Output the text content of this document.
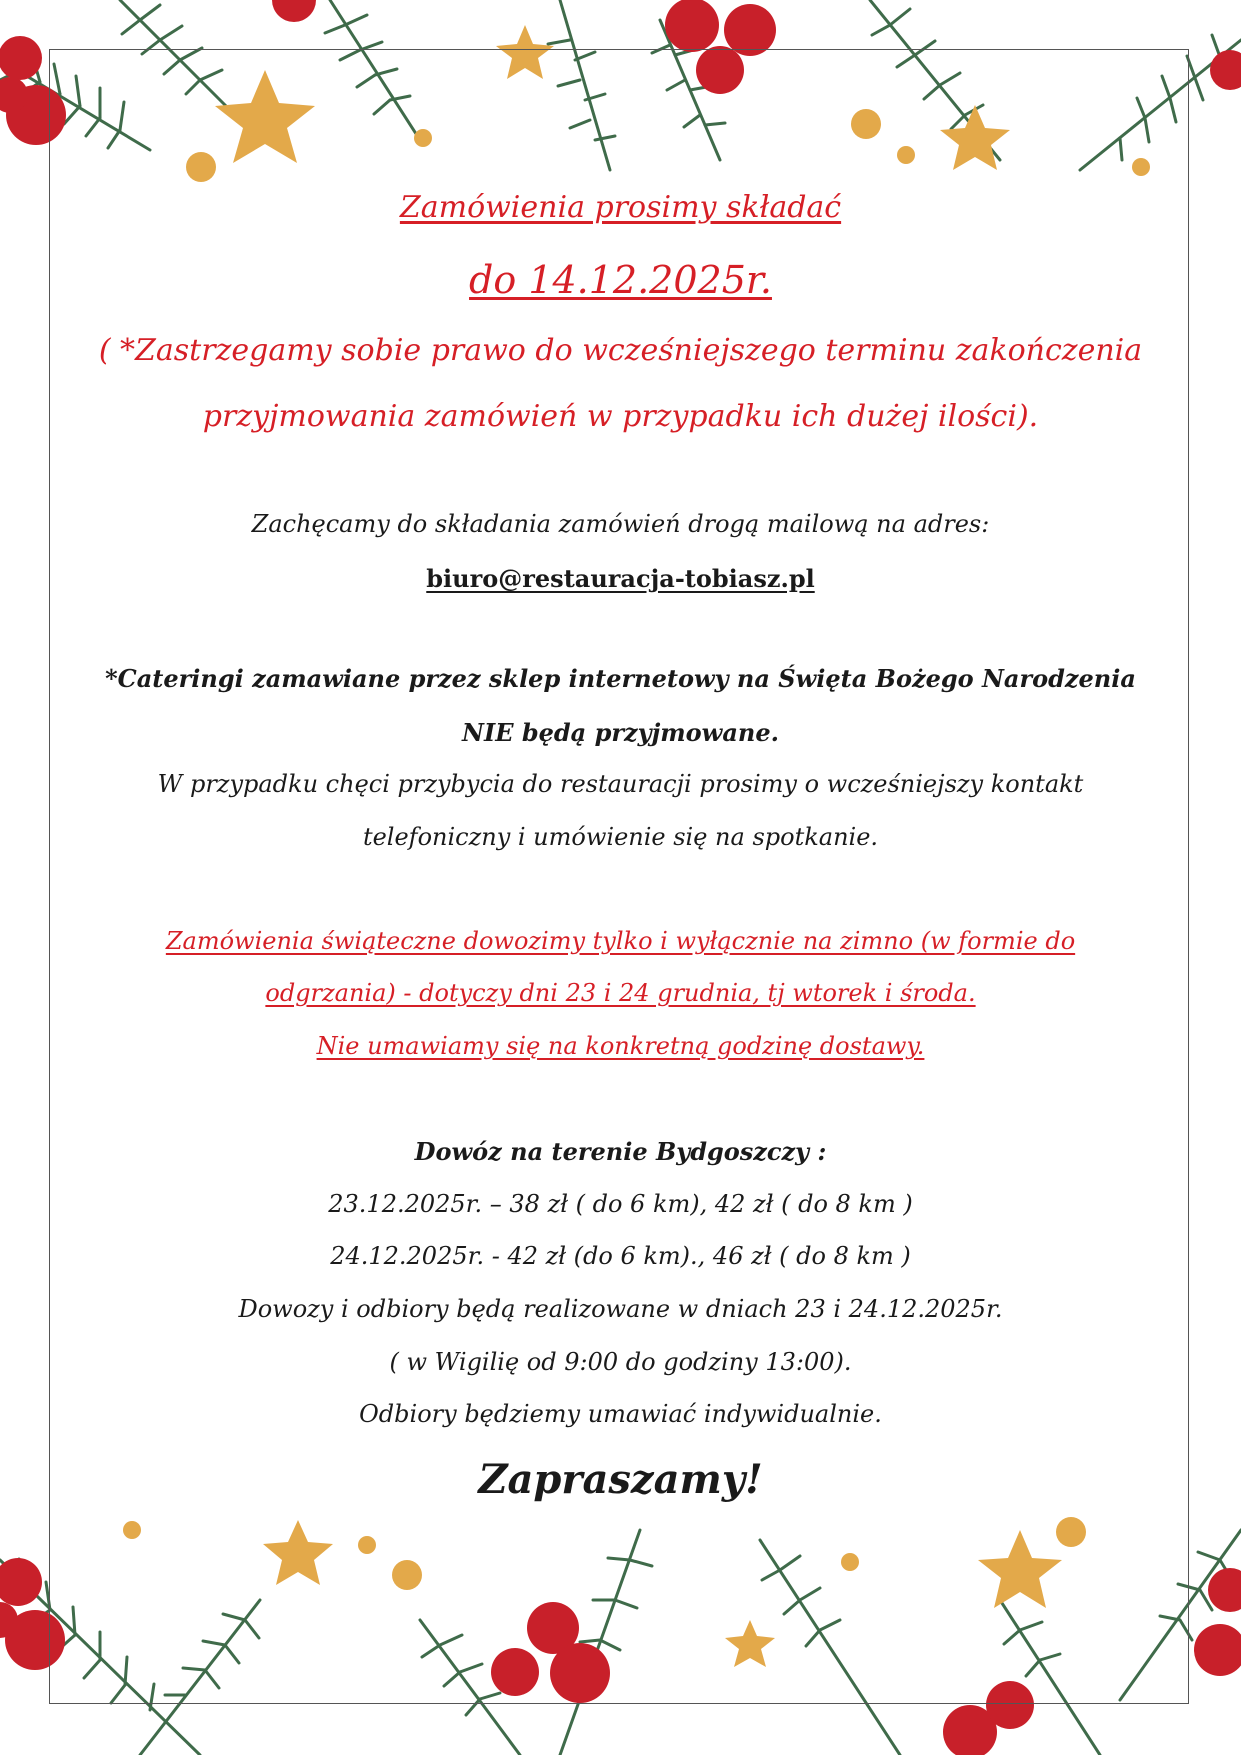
Zamówienia prosimy składać
do 14.12.2025r.
( *Zastrzegamy sobie prawo do wcześniejszego terminu zakończenia
przyjmowania zamówień w przypadku ich dużej ilości).
Zachęcamy do składania zamówień drogą mailową na adres:
biuro@restauracja-tobiasz.pl
*Cateringi zamawiane przez sklep internetowy na Święta Bożego Narodzenia
NIE będą przyjmowane.
W przypadku chęci przybycia do restauracji prosimy o wcześniejszy kontakt
telefoniczny i umówienie się na spotkanie.
Zamówienia świąteczne dowozimy tylko i wyłącznie na zimno (w formie do
odgrzania) - dotyczy dni 23 i 24 grudnia, tj wtorek i środa.
Nie umawiamy się na konkretną godzinę dostawy.
Dowóz na terenie Bydgoszczy :
23.12.2025r. – 38 zł ( do 6 km), 42 zł ( do 8 km )
24.12.2025r. - 42 zł (do 6 km)., 46 zł ( do 8 km )
Dowozy i odbiory będą realizowane w dniach 23 i 24.12.2025r.
( w Wigilię od 9:00 do godziny 13:00).
Odbiory będziemy umawiać indywidualnie.
Zapraszamy!
